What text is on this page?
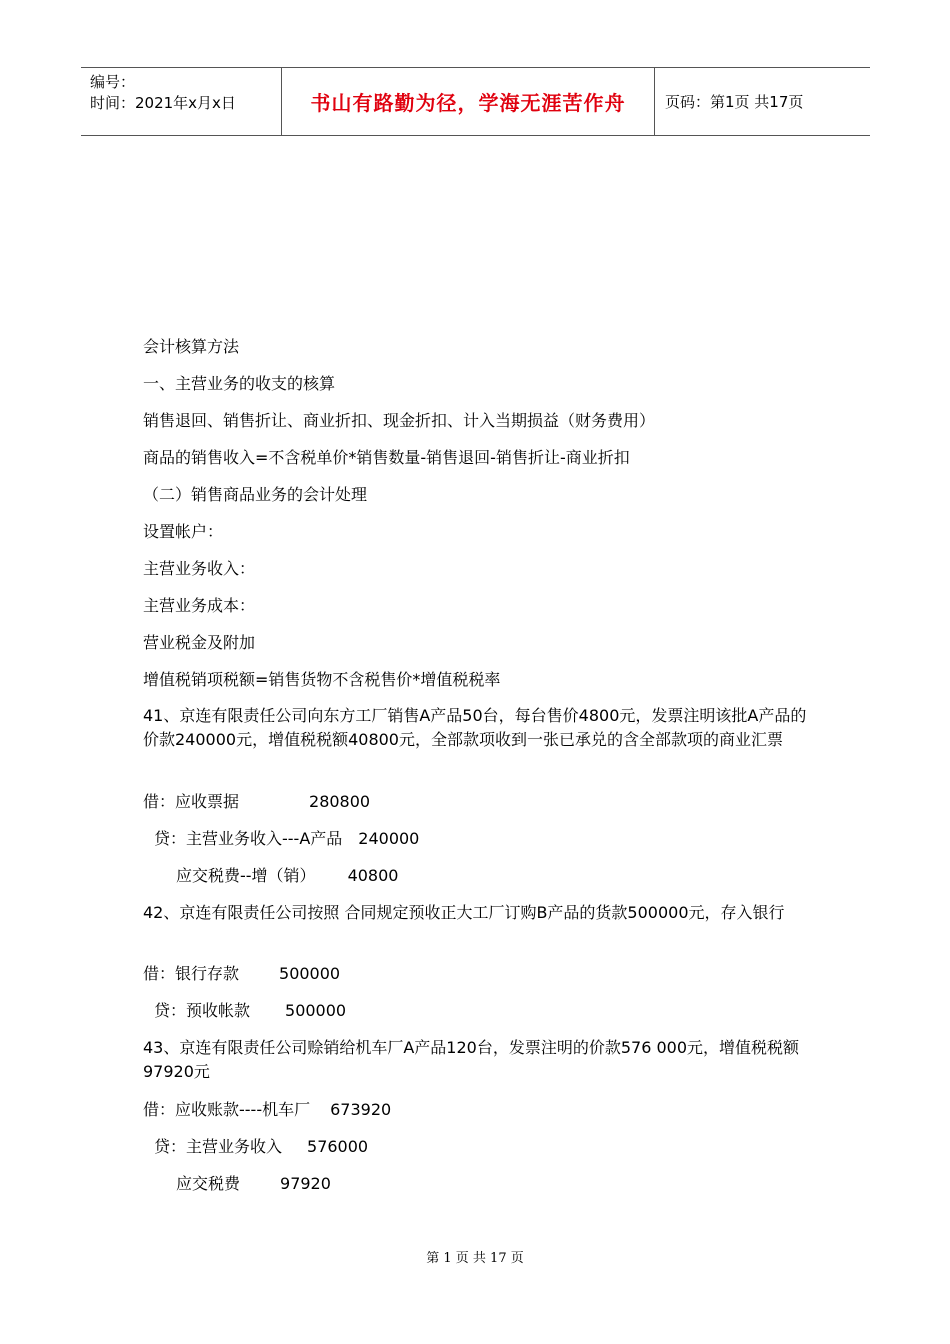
编号：
时间：2021年x月x日	书山有路勤为径，学海无涯苦作舟	页码：第1页 共17页
会计核算方法
一、主营业务的收支的核算
销售退回、销售折让、商业折扣、现金折扣、计入当期损益（财务费用）
商品的销售收入=不含税单价*销售数量-销售退回-销售折让-商业折扣
（二）销售商品业务的会计处理
设置帐户：
主营业务收入：
主营业务成本：
营业税金及附加
增值税销项税额=销售货物不含税售价*增值税税率
41、京连有限责任公司向东方工厂销售A产品50台，每台售价4800元，发票注明该批A产品的价款240000元，增值税税额40800元，全部款项收到一张已承兑的含全部款项的商业汇票
借：应收票据	280800
贷：主营业务收入---A产品 240000
应交税费--增（销） 40800
42、京连有限责任公司按照 合同规定预收正大工厂订购B产品的货款500000元，存入银行
借：银行存款	500000
贷：预收帐款 500000
43、京连有限责任公司赊销给机车厂A产品120台，发票注明的价款576 000元，增值税税额97920元
借：应收账款----机车厂 673920
贷：主营业务收入 576000
应交税费	97920
第 1 页 共 17 页
